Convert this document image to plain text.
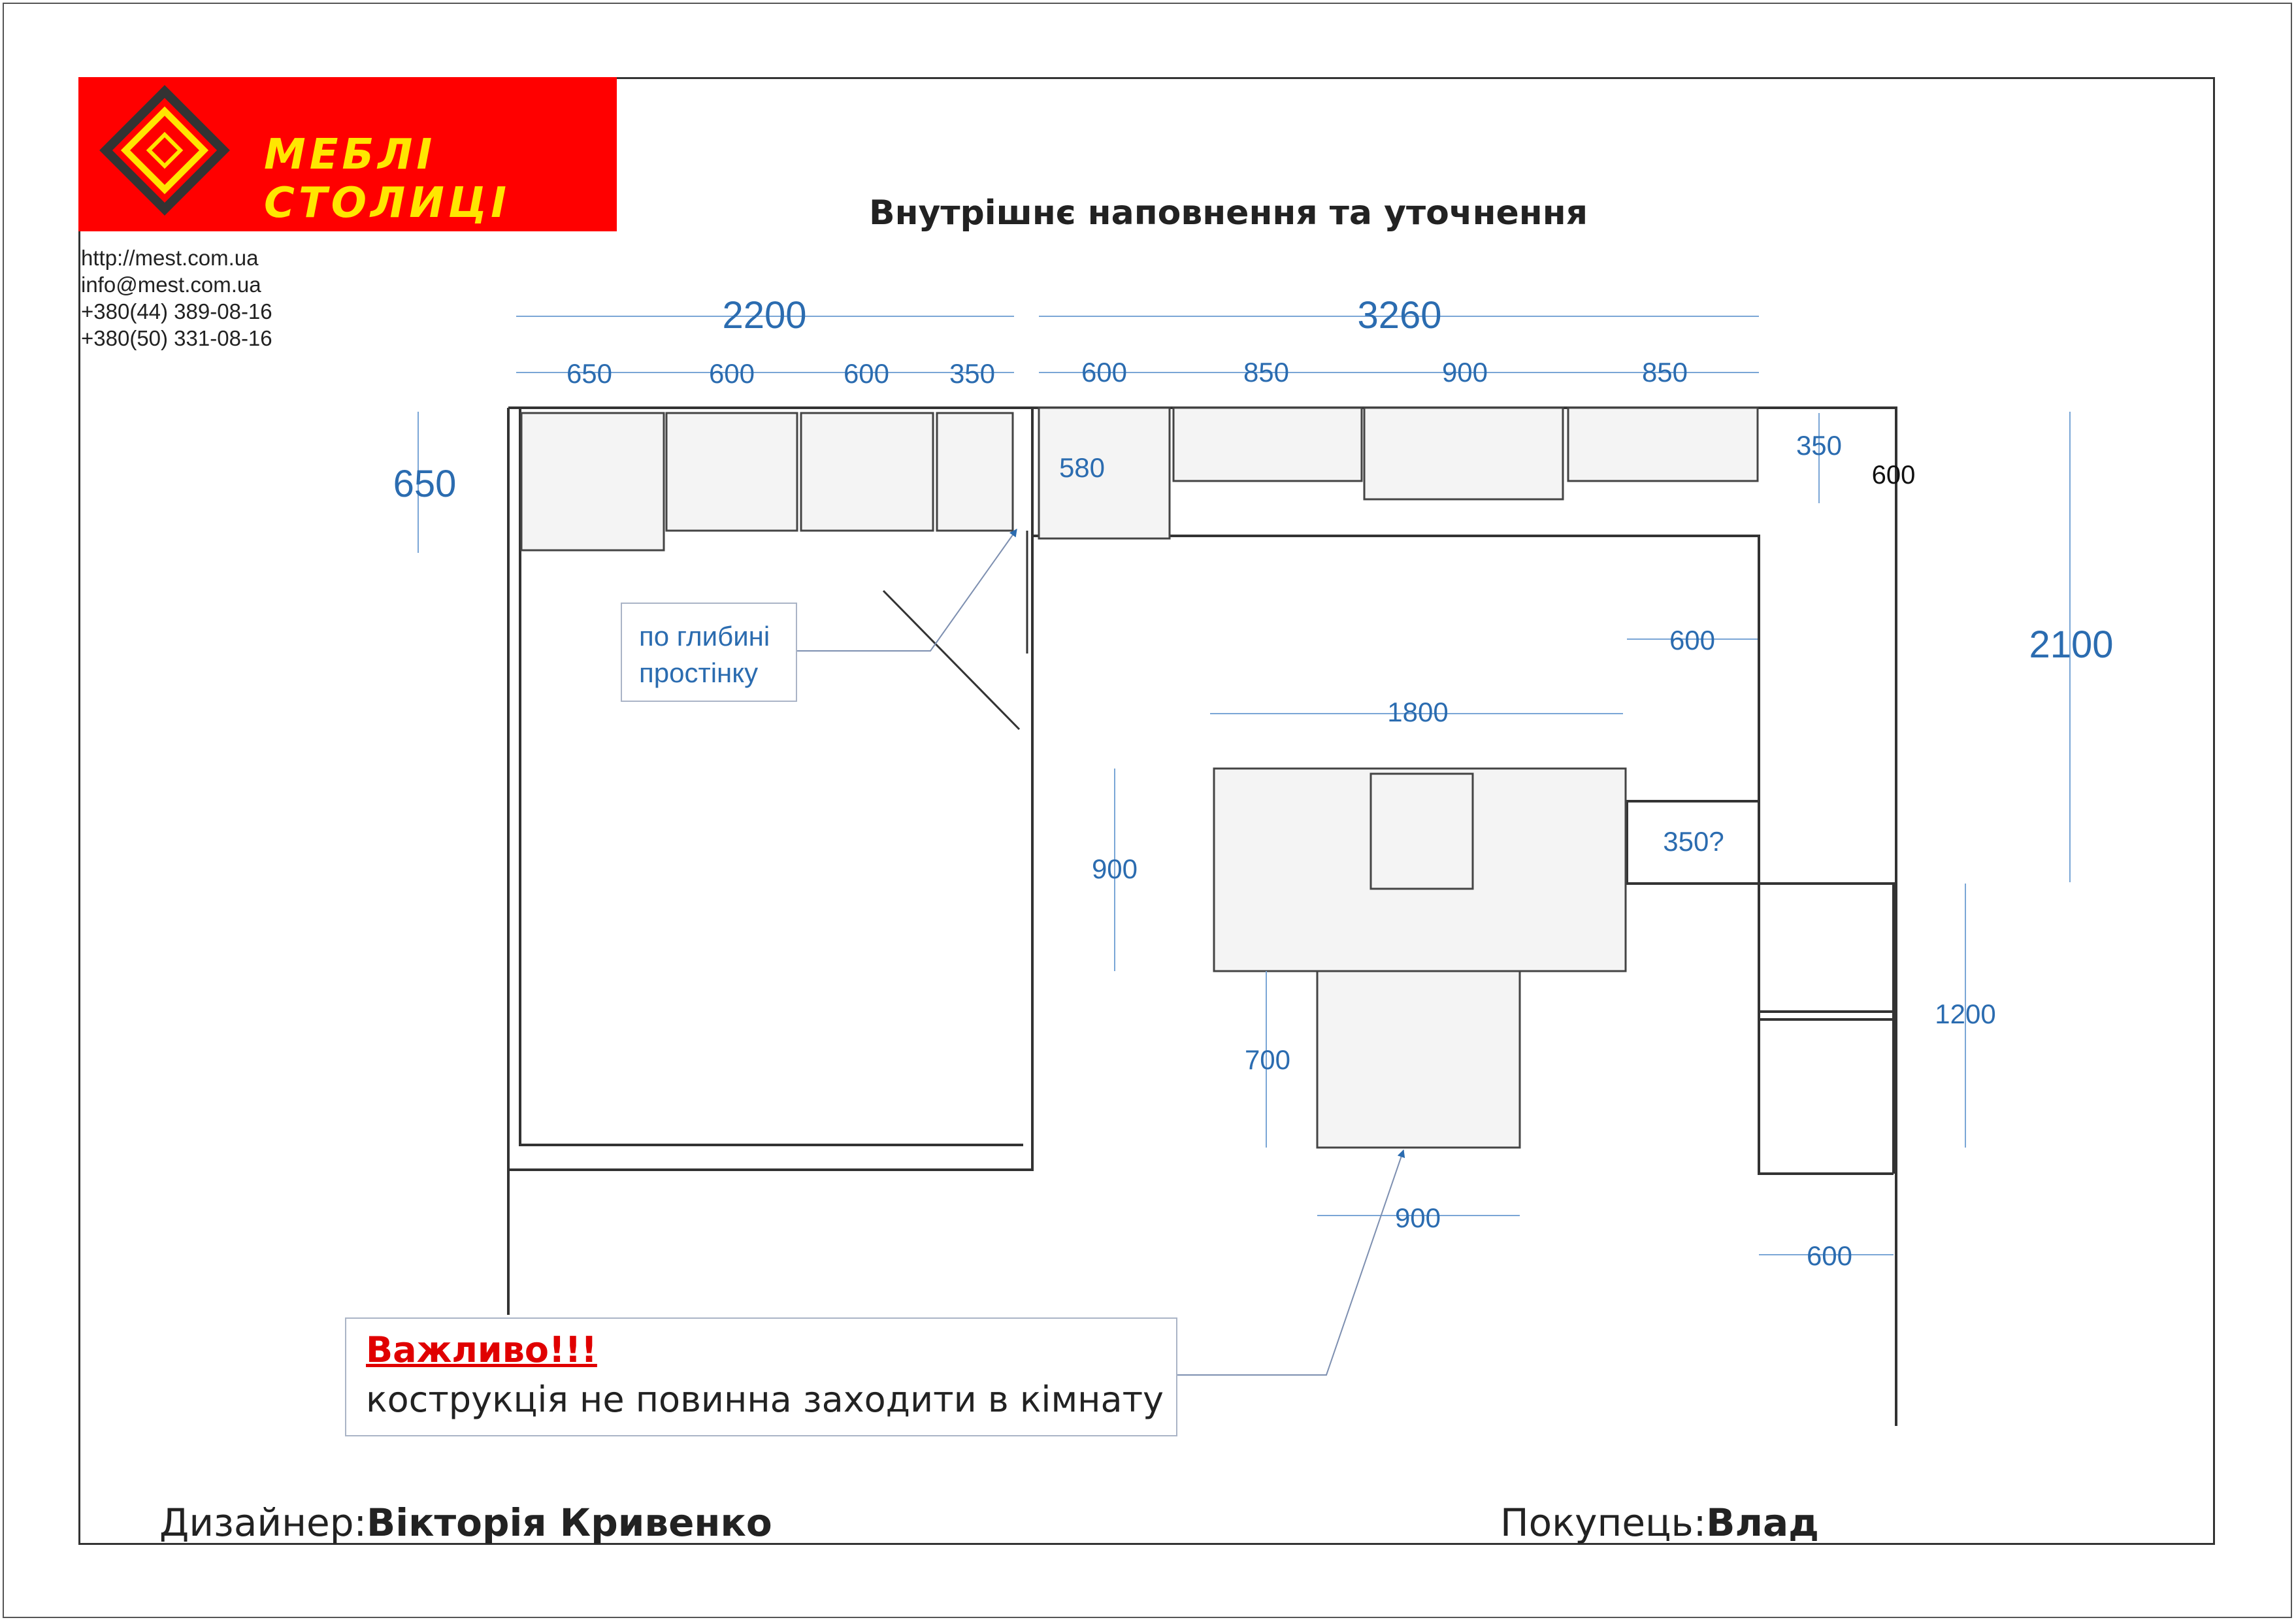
МЕБЛІ СТОЛИЦІ
http://mest.com.ua
info@mest.com.ua
+380(44) 389-08-16
+380(50) 331-08-16
Внутрішнє наповнення та уточнення
2200	3260
650	600	600 350	600	850	900	850
650	580
350
600
2100
600
1800
900
350?
1200
600
700
900
по глибині
простінку
Важливо!!!
кострукція не повинна заходити в кімнату
Дизайнер:Вікторія Кривенко	Покупець:Влад
